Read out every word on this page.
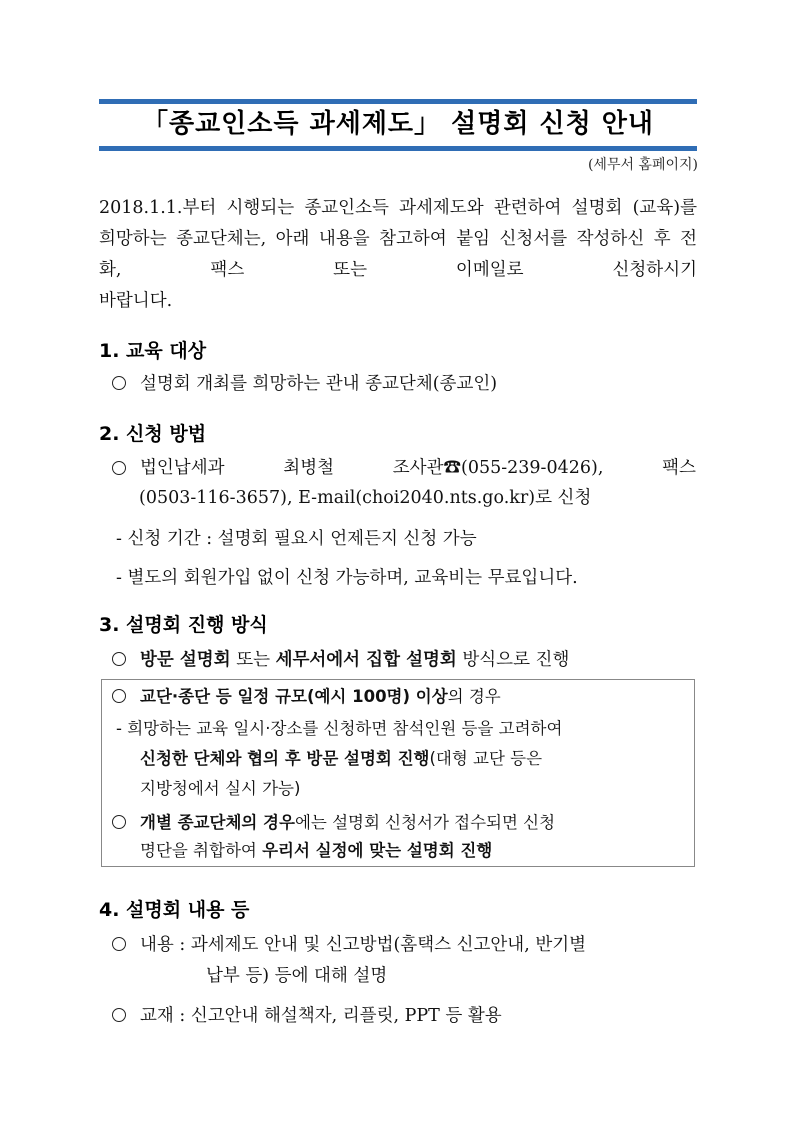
「종교인소득 과세제도」 설명회 신청 안내
(세무서 홈페이지)
2018.1.1.부터 시행되는 종교인소득 과세제도와 관련하여 설명회 (교육)를 희망하는 종교단체는, 아래 내용을 참고하여 붙임 신청서를 작성하신 후 전화, 팩스 또는 이메일로 신청하시기
바랍니다.
1. 교육 대상
설명회 개최를 희망하는 관내 종교단체(종교인)
2. 신청 방법
법인납세과	최병철	조사관☎(055-239-0426),	팩스
(0503-116-3657), E-mail(choi2040.nts.go.kr)로 신청
- 신청 기간 : 설명회 필요시 언제든지 신청 가능
- 별도의 회원가입 없이 신청 가능하며, 교육비는 무료입니다.
3. 설명회 진행 방식
방문 설명회 또는 세무서에서 집합 설명회 방식으로 진행
교단·종단 등 일정 규모(예시 100명) 이상의 경우
- 희망하는 교육 일시·장소를 신청하면 참석인원 등을 고려하여
신청한 단체와 협의 후 방문 설명회 진행(대형 교단 등은
지방청에서 실시 가능)
개별 종교단체의 경우에는 설명회 신청서가 접수되면 신청
명단을 취합하여 우리서 실정에 맞는 설명회 진행
4. 설명회 내용 등
내용 : 과세제도 안내 및 신고방법(홈택스 신고안내, 반기별
납부 등) 등에 대해 설명
교재 : 신고안내 해설책자, 리플릿, PPT 등 활용
